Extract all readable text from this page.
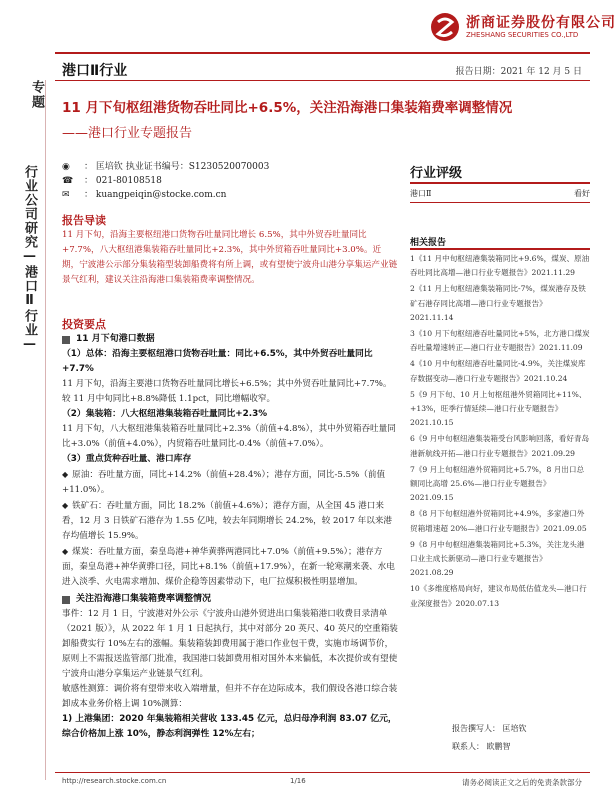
浙商证券股份有限公司
ZHESHANG SECURITIES CO.,LTD
港口Ⅱ行业	报告日期：2021 年 12 月 5 日
专题
行业公司研究—港口Ⅱ行业—
11 月下旬枢纽港货物吞吐同比+6.5%，关注沿海港口集装箱费率调整情况
——港口行业专题报告
◉	： 匡培钦 执业证书编号：S1230520070003
☎ ： 021-80108518
✉	： kuangpeiqin@stocke.com.cn
报告导读
11 月下旬，沿海主要枢纽港口货物吞吐量同比增长 6.5%，其中外贸吞吐量同比+7.7%，八大枢纽港集装箱吞吐量同比+2.3%，其中外贸箱吞吐量同比+3.0%。近期，宁波港公示部分集装箱型装卸船费将有所上调，或有望使宁波舟山港分享集运产业链景气红利，建议关注沿海港口集装箱费率调整情况。
投资要点
11 月下旬港口数据
（1）总体：沿海主要枢纽港口货物吞吐量：同比+6.5%，其中外贸吞吐量同比+7.7%
11 月下旬，沿海主要港口货物吞吐量同比增长+6.5%；其中外贸吞吐量同比+7.7%。较 11 月中旬同比+8.8%降低 1.1pct，同比增幅收窄。
（2）集装箱：八大枢纽港集装箱吞吐量同比+2.3%
11 月下旬，八大枢纽港集装箱吞吐量同比+2.3%（前值+4.8%），其中外贸箱吞吐量同比+3.0%（前值+4.0%），内贸箱吞吐量同比-0.4%（前值+7.0%）。
（3）重点货种吞吐量、港口库存
◆ 原油：吞吐量方面，同比+14.2%（前值+28.4%）；港存方面，同比-5.5%（前值+11.0%）。
◆ 铁矿石：吞吐量方面，同比 18.2%（前值+4.6%）；港存方面，从全国 45 港口来看，12 月 3 日铁矿石港存为 1.55 亿吨，较去年同期增长 24.2%，较 2017 年以来港存均值增长 15.9%。
◆ 煤炭：吞吐量方面，秦皇岛港+神华黄骅两港同比+7.0%（前值+9.5%）；港存方面，秦皇岛港+神华黄骅口径，同比+8.1%（前值+17.9%），在新一轮寒潮来袭、水电进入淡季、火电需求增加、煤价企稳等因素带动下，电厂拉煤积极性明显增加。
关注沿海港口集装箱费率调整情况
事件：12 月 1 日，宁波港对外公示《宁波舟山港外贸进出口集装箱港口收费目录清单（2021 版）》，从 2022 年 1 月 1 日起执行，其中对部分 20 英尺、40 英尺的空重箱装卸船费实行 10%左右的涨幅。集装箱装卸费用属于港口作业包干费，实施市场调节价，原则上不需报送监管部门批准，我国港口装卸费用相对国外本来偏低，本次提价或有望使宁波舟山港分享集运产业链景气红利。
敏感性测算：调价将有望带来收入端增量，但并不存在边际成本，我们假设各港口综合装卸成本业务价格上调 10%测算：
1) 上港集团：2020 年集装箱相关营收 133.45 亿元，总归母净利润 83.07 亿元，综合价格加上涨 10%，静态利润弹性 12%左右；
行业评级
港口Ⅱ	看好
相关报告
1《11 月中旬枢纽港集装箱同比+9.6%，煤炭、原油吞吐同比高增—港口行业专题报告》2021.11.29
2《11 月上旬枢纽港集装箱同比-7%，煤炭港存及铁矿石港存同比高增—港口行业专题报告》2021.11.14
3《10 月下旬枢纽港吞吐量同比+5%，北方港口煤炭吞吐量增速转正—港口行业专题报告》2021.11.09
4《10 月中旬枢纽港吞吐量同比-4.9%，关注煤炭库存数据变动—港口行业专题报告》2021.10.24
5《9 月下旬、10 月上旬枢纽港外贸箱同比+11%、+13%，旺季行情延续—港口行业专题报告》2021.10.15
6《9 月中旬枢纽港集装箱受台风影响回落，看好青岛港新航线开拓—港口行业专题报告》2021.09.29
7《9 月上旬枢纽港外贸箱同比+5.7%，8 月出口总额同比高增 25.6%—港口行业专题报告》2021.09.15
8《8 月下旬枢纽港外贸箱同比+4.9%，多家港口外贸箱增速超 20%—港口行业专题报告》2021.09.05
9《8 月中旬枢纽港集装箱同比+5.3%，关注龙头港口业主成长新驱动—港口行业专题报告》2021.08.29
10《多维度格局向好，建议布局低估值龙头—港口行业深度报告》2020.07.13
报告撰写人： 匡培钦
联系人： 欧鹏智
http://research.stocke.com.cn	1/16	请务必阅读正文之后的免责条款部分
